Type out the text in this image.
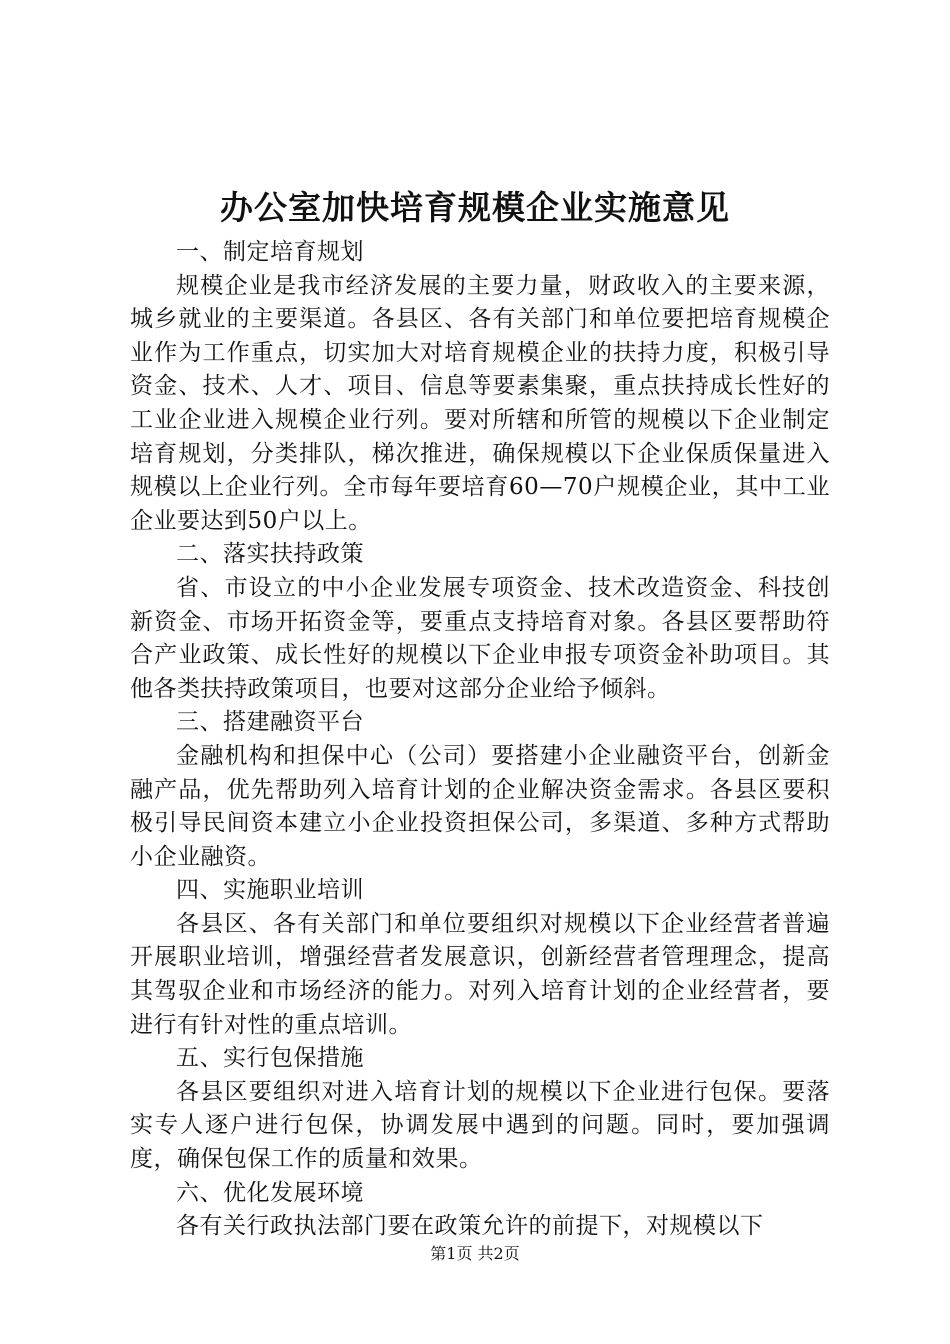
办公室加快培育规模企业实施意见

一、制定培育规划

规模企业是我市经济发展的主要力量，财政收入的主要来源，城乡就业的主要渠道。各县区、各有关部门和单位要把培育规模企业作为工作重点，切实加大对培育规模企业的扶持力度，积极引导资金、技术、人才、项目、信息等要素集聚，重点扶持成长性好的工业企业进入规模企业行列。要对所辖和所管的规模以下企业制定培育规划，分类排队，梯次推进，确保规模以下企业保质保量进入规模以上企业行列。全市每年要培育60—70户规模企业，其中工业企业要达到50户以上。

二、落实扶持政策

省、市设立的中小企业发展专项资金、技术改造资金、科技创新资金、市场开拓资金等，要重点支持培育对象。各县区要帮助符合产业政策、成长性好的规模以下企业申报专项资金补助项目。其他各类扶持政策项目，也要对这部分企业给予倾斜。

三、搭建融资平台

金融机构和担保中心（公司）要搭建小企业融资平台，创新金融产品，优先帮助列入培育计划的企业解决资金需求。各县区要积极引导民间资本建立小企业投资担保公司，多渠道、多种方式帮助小企业融资。

四、实施职业培训

各县区、各有关部门和单位要组织对规模以下企业经营者普遍开展职业培训，增强经营者发展意识，创新经营者管理理念，提高其驾驭企业和市场经济的能力。对列入培育计划的企业经营者，要进行有针对性的重点培训。

五、实行包保措施

各县区要组织对进入培育计划的规模以下企业进行包保。要落实专人逐户进行包保，协调发展中遇到的问题。同时，要加强调度，确保包保工作的质量和效果。

六、优化发展环境

各有关行政执法部门要在政策允许的前提下，对规模以下

第1页 共2页
